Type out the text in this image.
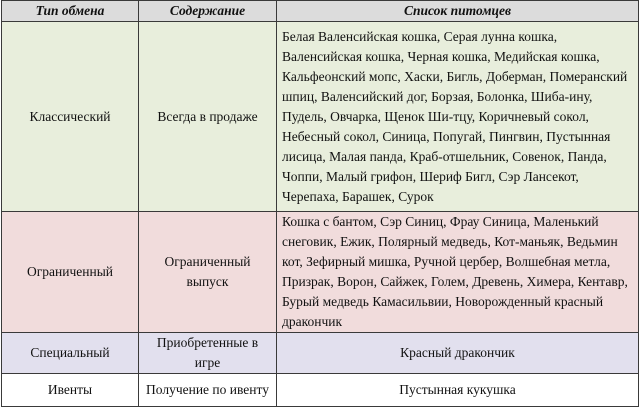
Тип обмена	Содержание	Список питомцев
Классический	Всегда в продаже	Белая Валенсийская кошка, Серая лунна кошка, Валенсийская кошка, Черная кошка, Медийская кошка, Кальфеонский мопс, Хаски, Бигль, Доберман, Померанский шпиц, Валенсийский дог, Борзая, Болонка, Шиба-ину, Пудель, Овчарка, Щенок Ши-тцу, Коричневый сокол, Небесный сокол, Синица, Попугай, Пингвин, Пустынная лисица, Малая панда, Краб-отшельник, Совенок, Панда, Чоппи, Малый грифон, Шериф Бигл, Сэр Лансекот, Черепаха, Барашек, Сурок
Ограниченный	Ограниченный выпуск	Кошка с бантом, Сэр Синиц, Фрау Синица, Маленький снеговик, Ежик, Полярный медведь, Кот-маньяк, Ведьмин кот, Зефирный мишка, Ручной цербер, Волшебная метла, Призрак, Ворон, Сайжек, Голем, Древень, Химера, Кентавр, Бурый медведь Камасильвии, Новорожденный красный дракончик
Специальный	Приобретенные в игре	Красный дракончик
Ивенты	Получение по ивенту	Пустынная кукушка
